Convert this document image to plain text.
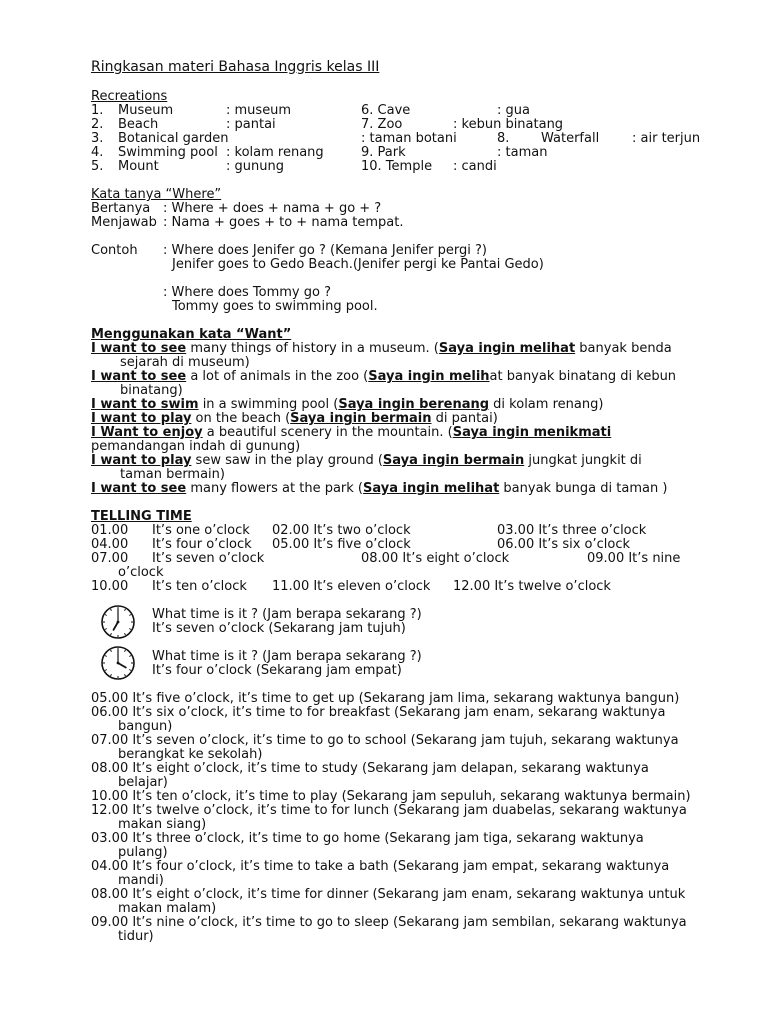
Ringkasan materi Bahasa Inggris kelas III
Recreations
1. Museum	: museum	6. Cave	: gua
2. Beach	: pantai	7. Zoo	: kebun binatang
3. Botanical garden	: taman botani	8. Waterfall	: air terjun
4. Swimming pool : kolam renang	9. Park	: taman
5. Mount	: gunung	10. Temple : candi
Kata tanya “Where”
Bertanya : Where + does + nama + go + ?
Menjawab : Nama + goes + to + nama tempat.
Contoh : Where does Jenifer go ? (Kemana Jenifer pergi ?)
Jenifer goes to Gedo Beach.(Jenifer pergi ke Pantai Gedo)
: Where does Tommy go ?
Tommy goes to swimming pool.
Menggunakan kata “Want”
I want to see many things of history in a museum. (Saya ingin melihat banyak benda
sejarah di museum)
I want to see a lot of animals in the zoo (Saya ingin melihat banyak binatang di kebun
binatang)
I want to swim in a swimming pool (Saya ingin berenang di kolam renang)
I want to play on the beach (Saya ingin bermain di pantai)
I Want to enjoy a beautiful scenery in the mountain. (Saya ingin menikmati
pemandangan indah di gunung)
I want to play sew saw in the play ground (Saya ingin bermain jungkat jungkit di
taman bermain)
I want to see many flowers at the park (Saya ingin melihat banyak bunga di taman )
TELLING TIME
01.00 It’s one o’clock 02.00 It’s two o’clock	03.00 It’s three o’clock
04.00 It’s four o’clock 05.00 It’s five o’clock	06.00 It’s six o’clock
07.00 It’s seven o’clock	08.00 It’s eight o’clock	09.00 It’s nine
o’clock
10.00 It’s ten o’clock 11.00 It’s eleven o’clock 12.00 It’s twelve o’clock
What time is it ? (Jam berapa sekarang ?)
It’s seven o’clock (Sekarang jam tujuh)
What time is it ? (Jam berapa sekarang ?)
It’s four o’clock (Sekarang jam empat)
05.00 It’s five o’clock, it’s time to get up (Sekarang jam lima, sekarang waktunya bangun)
06.00 It’s six o’clock, it’s time to for breakfast (Sekarang jam enam, sekarang waktunya
bangun)
07.00 It’s seven o’clock, it’s time to go to school (Sekarang jam tujuh, sekarang waktunya
berangkat ke sekolah)
08.00 It’s eight o’clock, it’s time to study (Sekarang jam delapan, sekarang waktunya
belajar)
10.00 It’s ten o’clock, it’s time to play (Sekarang jam sepuluh, sekarang waktunya bermain)
12.00 It’s twelve o’clock, it’s time to for lunch (Sekarang jam duabelas, sekarang waktunya
makan siang)
03.00 It’s three o’clock, it’s time to go home (Sekarang jam tiga, sekarang waktunya
pulang)
04.00 It’s four o’clock, it’s time to take a bath (Sekarang jam empat, sekarang waktunya
mandi)
08.00 It’s eight o’clock, it’s time for dinner (Sekarang jam enam, sekarang waktunya untuk
makan malam)
09.00 It’s nine o’clock, it’s time to go to sleep (Sekarang jam sembilan, sekarang waktunya
tidur)
